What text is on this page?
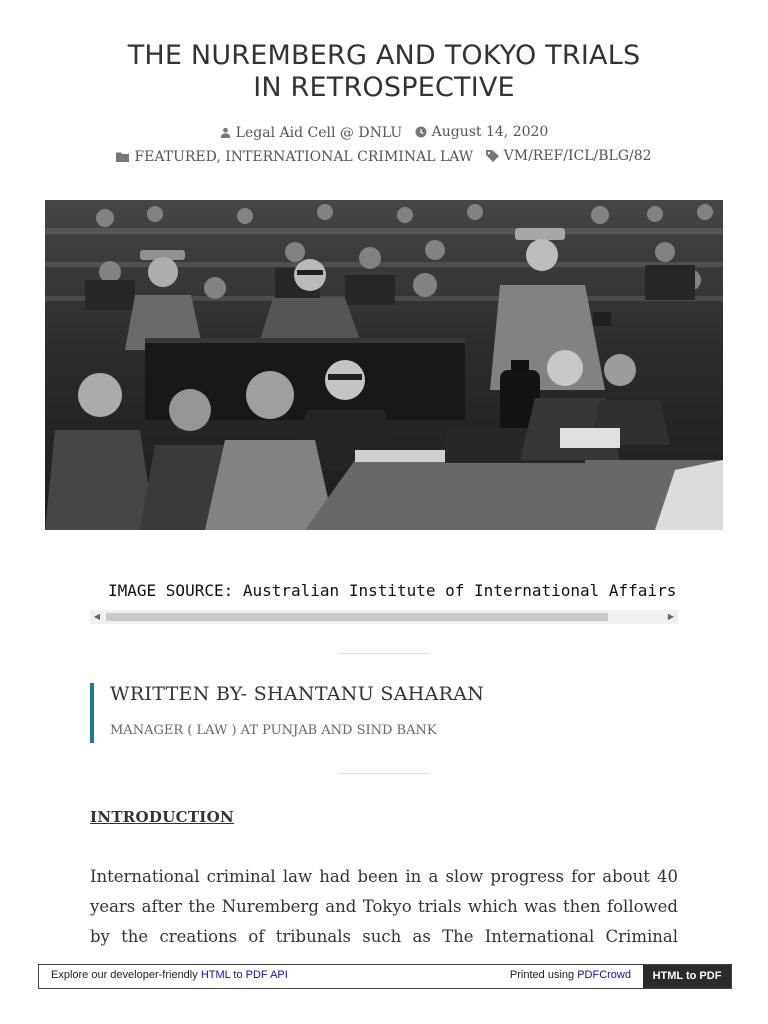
THE NUREMBERG AND TOKYO TRIALS
IN RETROSPECTIVE
Legal Aid Cell @ DNLU
August 14, 2020
FEATURED, INTERNATIONAL CRIMINAL LAW
VM/REF/ICL/BLG/82
IMAGE SOURCE: Australian Institute of International Affairs
◀	▶
WRITTEN BY- SHANTANU SAHARAN
MANAGER ( LAW ) AT PUNJAB AND SIND BANK
INTRODUCTION
International criminal law had been in a slow progress for about 40
years after the Nuremberg and Tokyo trials which was then followed
by the creations of tribunals such as The International Criminal
Explore our developer-friendly HTML to PDF API	Printed using PDFCrowd	HTML to PDF
